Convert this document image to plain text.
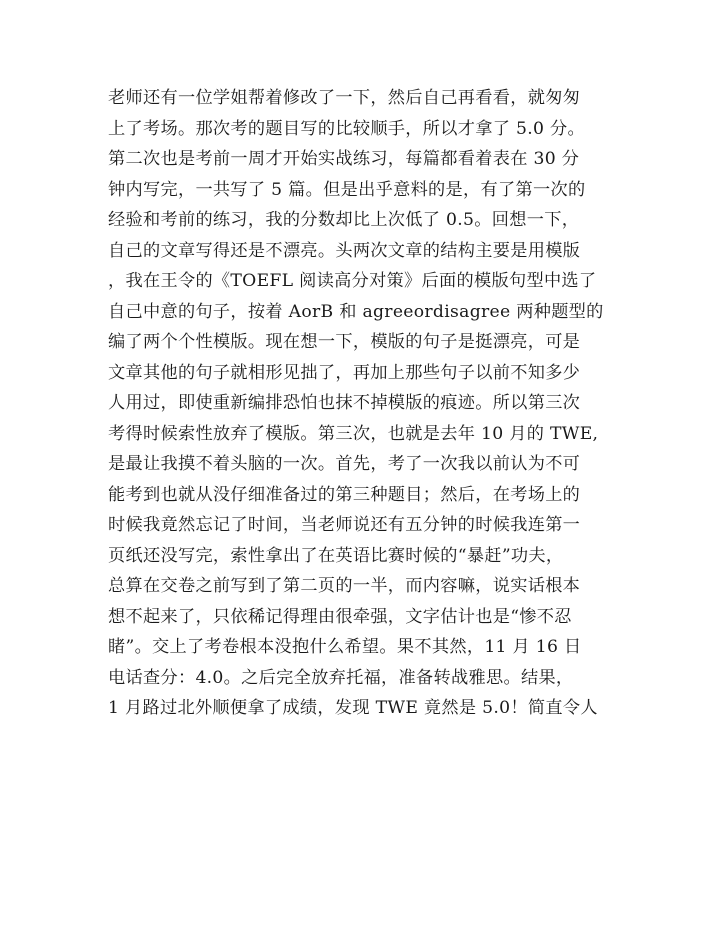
老师还有一位学姐帮着修改了一下，然后自己再看看，就匆匆
上了考场。那次考的题目写的比较顺手，所以才拿了 5.0 分。
第二次也是考前一周才开始实战练习，每篇都看着表在 30 分
钟内写完，一共写了 5 篇。但是出乎意料的是，有了第一次的
经验和考前的练习，我的分数却比上次低了 0.5。回想一下，
自己的文章写得还是不漂亮。头两次文章的结构主要是用模版
，我在王令的《TOEFL 阅读高分对策》后面的模版句型中选了
自己中意的句子，按着 AorB 和 agreeordisagree 两种题型的
编了两个个性模版。现在想一下，模版的句子是挺漂亮，可是
文章其他的句子就相形见拙了，再加上那些句子以前不知多少
人用过，即使重新编排恐怕也抹不掉模版的痕迹。所以第三次
考得时候索性放弃了模版。第三次，也就是去年 10 月的 TWE,
是最让我摸不着头脑的一次。首先，考了一次我以前认为不可
能考到也就从没仔细准备过的第三种题目；然后，在考场上的
时候我竟然忘记了时间，当老师说还有五分钟的时候我连第一
页纸还没写完，索性拿出了在英语比赛时候的“暴赶”功夫，
总算在交卷之前写到了第二页的一半，而内容嘛，说实话根本
想不起来了，只依稀记得理由很牵强，文字估计也是“惨不忍
睹”。交上了考卷根本没抱什么希望。果不其然，11 月 16 日
电话查分：4.0。之后完全放弃托福，准备转战雅思。结果，
1 月路过北外顺便拿了成绩，发现 TWE 竟然是 5.0！简直令人
